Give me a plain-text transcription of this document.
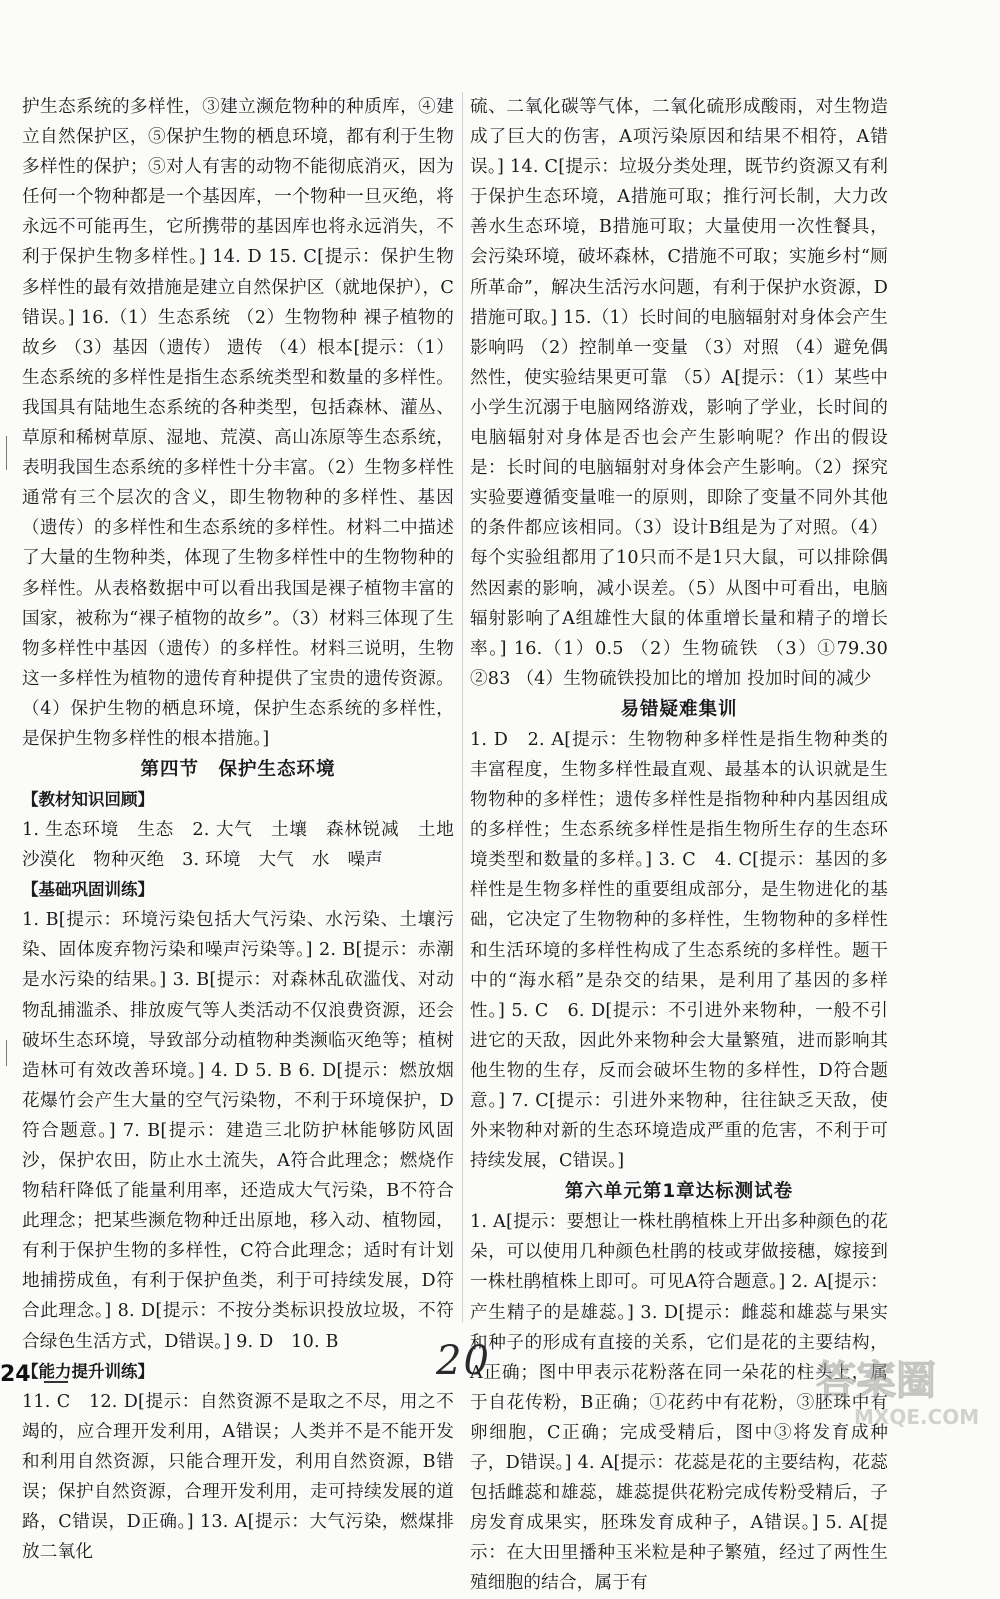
护生态系统的多样性，③建立濒危物种的种质库，④建立自然保护区，⑤保护生物的栖息环境，都有利于生物多样性的保护；⑤对人有害的动物不能彻底消灭，因为任何一个物种都是一个基因库，一个物种一旦灭绝，将永远不可能再生，它所携带的基因库也将永远消失，不利于保护生物多样性。] 14. D 15. C[提示：保护生物多样性的最有效措施是建立自然保护区（就地保护），C错误。] 16.（1）生态系统 （2）生物物种 裸子植物的故乡 （3）基因（遗传） 遗传 （4）根本[提示：（1）生态系统的多样性是指生态系统类型和数量的多样性。我国具有陆地生态系统的各种类型，包括森林、灌丛、草原和稀树草原、湿地、荒漠、高山冻原等生态系统，表明我国生态系统的多样性十分丰富。（2）生物多样性通常有三个层次的含义，即生物物种的多样性、基因（遗传）的多样性和生态系统的多样性。材料二中描述了大量的生物种类，体现了生物多样性中的生物物种的多样性。从表格数据中可以看出我国是裸子植物丰富的国家，被称为“裸子植物的故乡”。（3）材料三体现了生物多样性中基因（遗传）的多样性。材料三说明，生物这一多样性为植物的遗传育种提供了宝贵的遗传资源。（4）保护生物的栖息环境，保护生态系统的多样性，是保护生物多样性的根本措施。]

第四节　保护生态环境
【教材知识回顾】

1. 生态环境　生态　2. 大气　土壤　森林锐减　土地沙漠化　物种灭绝　3. 环境　大气　水　噪声

【基础巩固训练】

1. B[提示：环境污染包括大气污染、水污染、土壤污染、固体废弃物污染和噪声污染等。] 2. B[提示：赤潮是水污染的结果。] 3. B[提示：对森林乱砍滥伐、对动物乱捕滥杀、排放废气等人类活动不仅浪费资源，还会破坏生态环境，导致部分动植物种类濒临灭绝等；植树造林可有效改善环境。] 4. D 5. B 6. D[提示：燃放烟花爆竹会产生大量的空气污染物，不利于环境保护，D符合题意。] 7. B[提示：建造三北防护林能够防风固沙，保护农田，防止水土流失，A符合此理念；燃烧作物秸秆降低了能量利用率，还造成大气污染，B不符合此理念；把某些濒危物种迁出原地，移入动、植物园，有利于保护生物的多样性，C符合此理念；适时有计划地捕捞成鱼，有利于保护鱼类，利于可持续发展，D符合此理念。] 8. D[提示：不按分类标识投放垃圾，不符合绿色生活方式，D错误。] 9. D　10. B

【能力提升训练】

11. C　12. D[提示：自然资源不是取之不尽，用之不竭的，应合理开发利用，A错误；人类并不是不能开发和利用自然资源，只能合理开发，利用自然资源，B错误；保护自然资源，合理开发利用，走可持续发展的道路，C错误，D正确。] 13. A[提示：大气污染，燃煤排放二氧化

硫、二氧化碳等气体，二氧化硫形成酸雨，对生物造成了巨大的伤害，A项污染原因和结果不相符，A错误。] 14. C[提示：垃圾分类处理，既节约资源又有利于保护生态环境，A措施可取；推行河长制，大力改善水生态环境，B措施可取；大量使用一次性餐具，会污染环境，破坏森林，C措施不可取；实施乡村“厕所革命”，解决生活污水问题，有利于保护水资源，D措施可取。] 15.（1）长时间的电脑辐射对身体会产生影响吗 （2）控制单一变量 （3）对照 （4）避免偶然性，使实验结果更可靠 （5）A[提示：（1）某些中小学生沉溺于电脑网络游戏，影响了学业，长时间的电脑辐射对身体是否也会产生影响呢？作出的假设是：长时间的电脑辐射对身体会产生影响。（2）探究实验要遵循变量唯一的原则，即除了变量不同外其他的条件都应该相同。（3）设计B组是为了对照。（4）每个实验组都用了10只而不是1只大鼠，可以排除偶然因素的影响，减小误差。（5）从图中可看出，电脑辐射影响了A组雄性大鼠的体重增长量和精子的增长率。] 16.（1）0.5 （2）生物硫铁 （3）①79.30 ②83 （4）生物硫铁投加比的增加 投加时间的减少

易错疑难集训

1. D　2. A[提示：生物物种多样性是指生物种类的丰富程度，生物多样性最直观、最基本的认识就是生物物种的多样性；遗传多样性是指物种种内基因组成的多样性；生态系统多样性是指生物所生存的生态环境类型和数量的多样。] 3. C　4. C[提示：基因的多样性是生物多样性的重要组成部分，是生物进化的基础，它决定了生物物种的多样性，生物物种的多样性和生活环境的多样性构成了生态系统的多样性。题干中的“海水稻”是杂交的结果，是利用了基因的多样性。] 5. C　6. D[提示：不引进外来物种，一般不引进它的天敌，因此外来物种会大量繁殖，进而影响其他生物的生存，反而会破坏生物的多样性，D符合题意。] 7. C[提示：引进外来物种，往往缺乏天敌，使外来物种对新的生态环境造成严重的危害，不利于可持续发展，C错误。]

第六单元第1章达标测试卷

1. A[提示：要想让一株杜鹃植株上开出多种颜色的花朵，可以使用几种颜色杜鹃的枝或芽做接穗，嫁接到一株杜鹃植株上即可。可见A符合题意。] 2. A[提示：产生精子的是雄蕊。] 3. D[提示：雌蕊和雄蕊与果实和种子的形成有直接的关系，它们是花的主要结构，A正确；图中甲表示花粉落在同一朵花的柱头上，属于自花传粉，B正确；①花药中有花粉，③胚珠中有卵细胞，C正确；完成受精后，图中③将发育成种子，D错误。] 4. A[提示：花蕊是花的主要结构，花蕊包括雌蕊和雄蕊，雄蕊提供花粉完成传粉受精后，子房发育成果实，胚珠发育成种子，A错误。] 5. A[提示：在大田里播种玉米粒是种子繁殖，经过了两性生殖细胞的结合，属于有

24	20	答案圈
MXQE.COM
